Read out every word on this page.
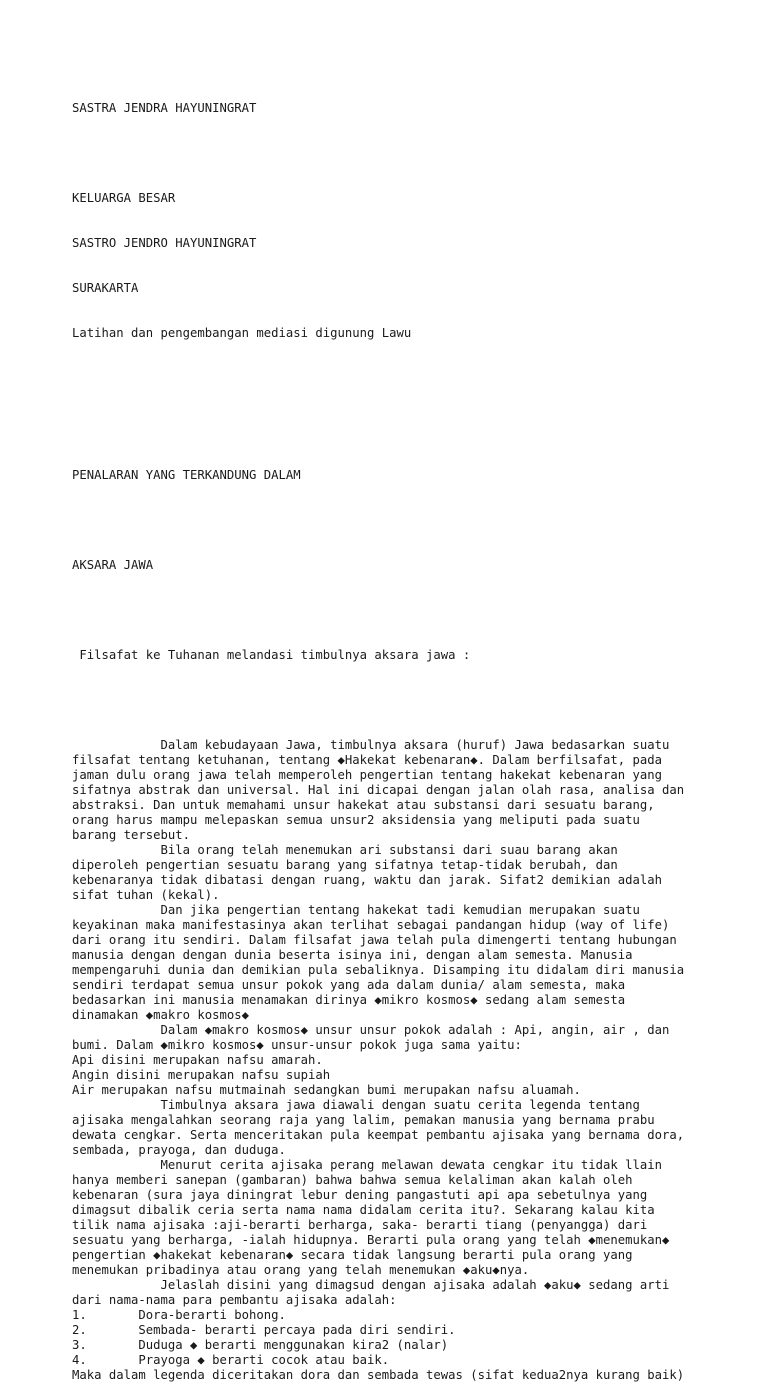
SASTRA JENDRA HAYUNINGRAT

KELUARGA BESAR

SASTRO JENDRO HAYUNINGRAT

SURAKARTA

Latihan dan pengembangan mediasi digunung Lawu

PENALARAN YANG TERKANDUNG DALAM

AKSARA JAWA

Filsafat ke Tuhanan melandasi timbulnya aksara jawa :

Dalam kebudayaan Jawa, timbulnya aksara (huruf) Jawa bedasarkan suatu
filsafat tentang ketuhanan, tentang ◆Hakekat kebenaran◆. Dalam berfilsafat, pada
jaman dulu orang jawa telah memperoleh pengertian tentang hakekat kebenaran yang
sifatnya abstrak dan universal. Hal ini dicapai dengan jalan olah rasa, analisa dan
abstraksi. Dan untuk memahami unsur hakekat atau substansi dari sesuatu barang,
orang harus mampu melepaskan semua unsur2 aksidensia yang meliputi pada suatu
barang tersebut.
Bila orang telah menemukan ari substansi dari suau barang akan
diperoleh pengertian sesuatu barang yang sifatnya tetap-tidak berubah, dan
kebenaranya tidak dibatasi dengan ruang, waktu dan jarak. Sifat2 demikian adalah
sifat tuhan (kekal).
Dan jika pengertian tentang hakekat tadi kemudian merupakan suatu
keyakinan maka manifestasinya akan terlihat sebagai pandangan hidup (way of life)
dari orang itu sendiri. Dalam filsafat jawa telah pula dimengerti tentang hubungan
manusia dengan dengan dunia beserta isinya ini, dengan alam semesta. Manusia
mempengaruhi dunia dan demikian pula sebaliknya. Disamping itu didalam diri manusia
sendiri terdapat semua unsur pokok yang ada dalam dunia/ alam semesta, maka
bedasarkan ini manusia menamakan dirinya ◆mikro kosmos◆ sedang alam semesta
dinamakan ◆makro kosmos◆
Dalam ◆makro kosmos◆ unsur unsur pokok adalah : Api, angin, air , dan
bumi. Dalam ◆mikro kosmos◆ unsur-unsur pokok juga sama yaitu:
Api disini merupakan nafsu amarah.
Angin disini merupakan nafsu supiah
Air merupakan nafsu mutmainah sedangkan bumi merupakan nafsu aluamah.
Timbulnya aksara jawa diawali dengan suatu cerita legenda tentang
ajisaka mengalahkan seorang raja yang lalim, pemakan manusia yang bernama prabu
dewata cengkar. Serta menceritakan pula keempat pembantu ajisaka yang bernama dora,
sembada, prayoga, dan duduga.
Menurut cerita ajisaka perang melawan dewata cengkar itu tidak llain
hanya memberi sanepan (gambaran) bahwa bahwa semua kelaliman akan kalah oleh
kebenaran (sura jaya diningrat lebur dening pangastuti api apa sebetulnya yang
dimagsut dibalik ceria serta nama nama didalam cerita itu?. Sekarang kalau kita
tilik nama ajisaka :aji-berarti berharga, saka- berarti tiang (penyangga) dari
sesuatu yang berharga, -ialah hidupnya. Berarti pula orang yang telah ◆menemukan◆
pengertian ◆hakekat kebenaran◆ secara tidak langsung berarti pula orang yang
menemukan pribadinya atau orang yang telah menemukan ◆aku◆nya.
Jelaslah disini yang dimagsud dengan ajisaka adalah ◆aku◆ sedang arti
dari nama-nama para pembantu ajisaka adalah:
1.       Dora-berarti bohong.
2.       Sembada- berarti percaya pada diri sendiri.
3.       Duduga ◆ berarti menggunakan kira2 (nalar)
4.       Prayoga ◆ berarti cocok atau baik.
Maka dalam legenda diceritakan dora dan sembada tewas (sifat kedua2nya kurang baik)
